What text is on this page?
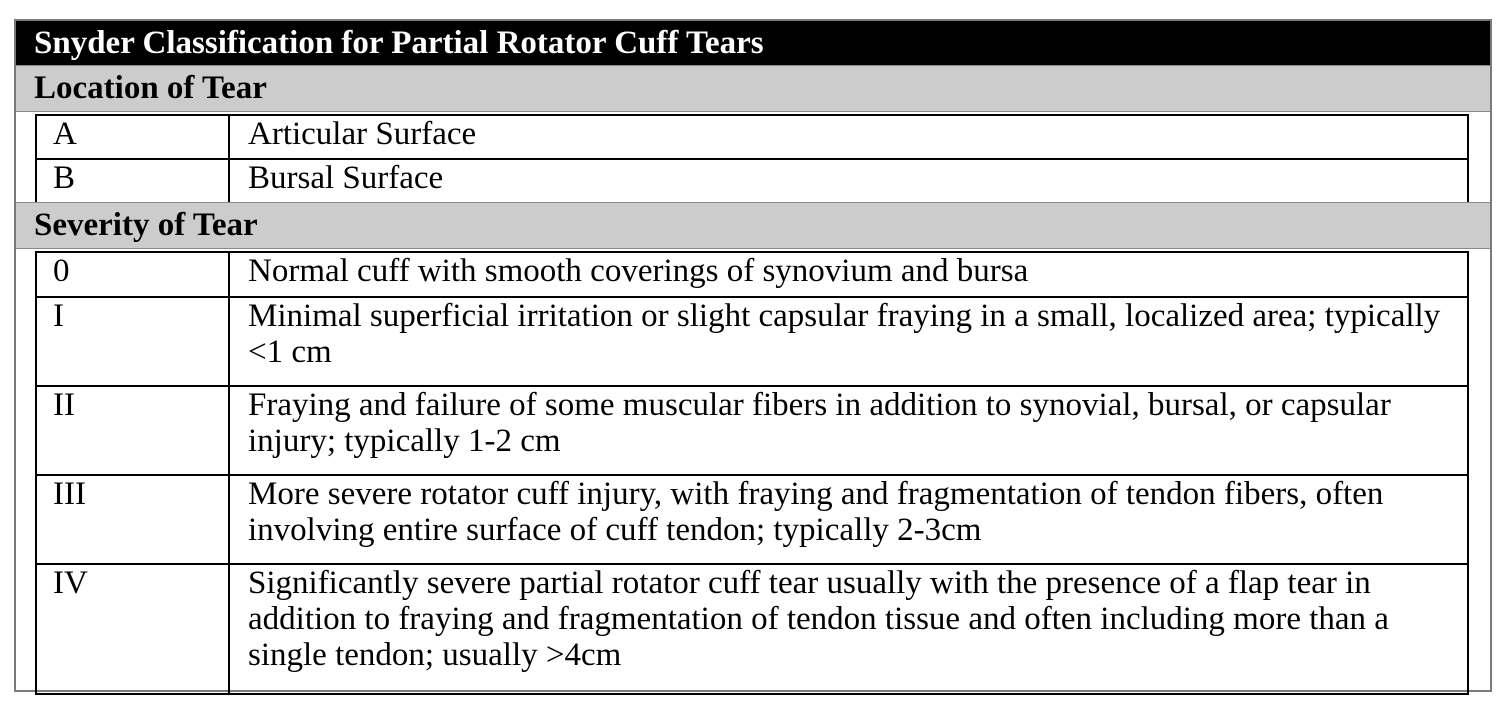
Snyder Classification for Partial Rotator Cuff Tears
Location of Tear
A	Articular Surface
B	Bursal Surface
Severity of Tear
0	Normal cuff with smooth coverings of synovium and bursa
I	Minimal superficial irritation or slight capsular fraying in a small, localized area; typically <1 cm
II	Fraying and failure of some muscular fibers in addition to synovial, bursal, or capsular injury; typically 1-2 cm
III	More severe rotator cuff injury, with fraying and fragmentation of tendon fibers, often involving entire surface of cuff tendon; typically 2-3cm
IV	Significantly severe partial rotator cuff tear usually with the presence of a flap tear in addition to fraying and fragmentation of tendon tissue and often including more than a single tendon; usually >4cm
